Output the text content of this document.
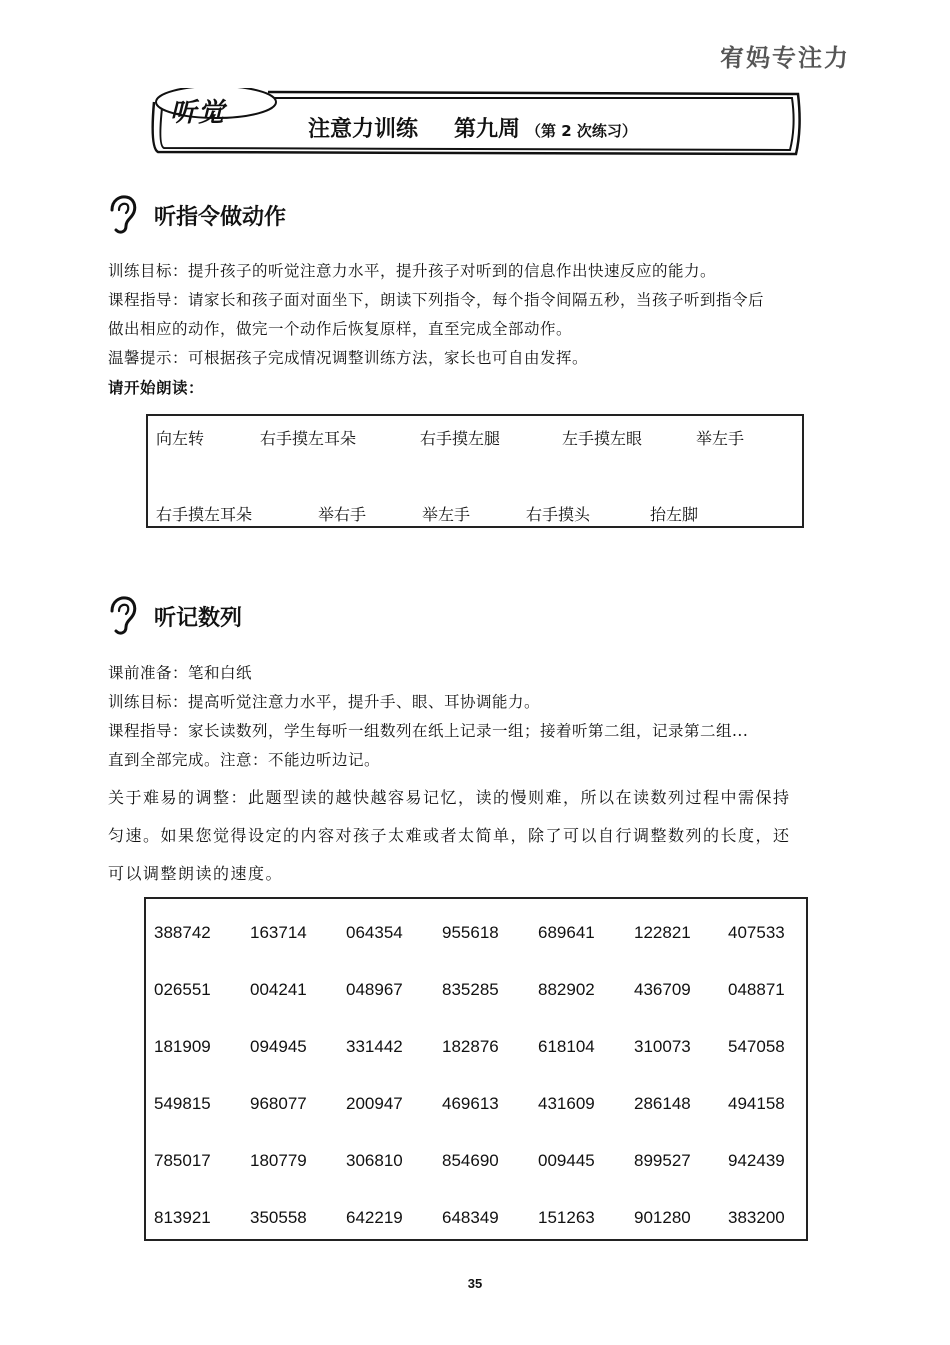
宥妈专注力
听觉
注意力训练 第九周 （第 2 次练习）
听指令做动作
训练目标：提升孩子的听觉注意力水平，提升孩子对听到的信息作出快速反应的能力。
课程指导：请家长和孩子面对面坐下，朗读下列指令，每个指令间隔五秒，当孩子听到指令后
做出相应的动作，做完一个动作后恢复原样，直至完成全部动作。
温馨提示：可根据孩子完成情况调整训练方法，家长也可自由发挥。
请开始朗读：
向左转	右手摸左耳朵	右手摸左腿	左手摸左眼	举左手
右手摸左耳朵	举右手	举左手	右手摸头	抬左脚
听记数列
课前准备：笔和白纸
训练目标：提高听觉注意力水平，提升手、眼、耳协调能力。
课程指导：家长读数列，学生每听一组数列在纸上记录一组；接着听第二组，记录第二组...
直到全部完成。注意：不能边听边记。
关于难易的调整：此题型读的越快越容易记忆，读的慢则难，所以在读数列过程中需保持
匀速。如果您觉得设定的内容对孩子太难或者太简单，除了可以自行调整数列的长度，还
可以调整朗读的速度。
388742 163714 064354 955618 689641 122821 407533
026551 004241 048967 835285 882902 436709 048871
181909 094945 331442 182876 618104 310073 547058
549815 968077 200947 469613 431609 286148 494158
785017 180779 306810 854690 009445 899527 942439
813921 350558 642219 648349 151263 901280 383200
35
